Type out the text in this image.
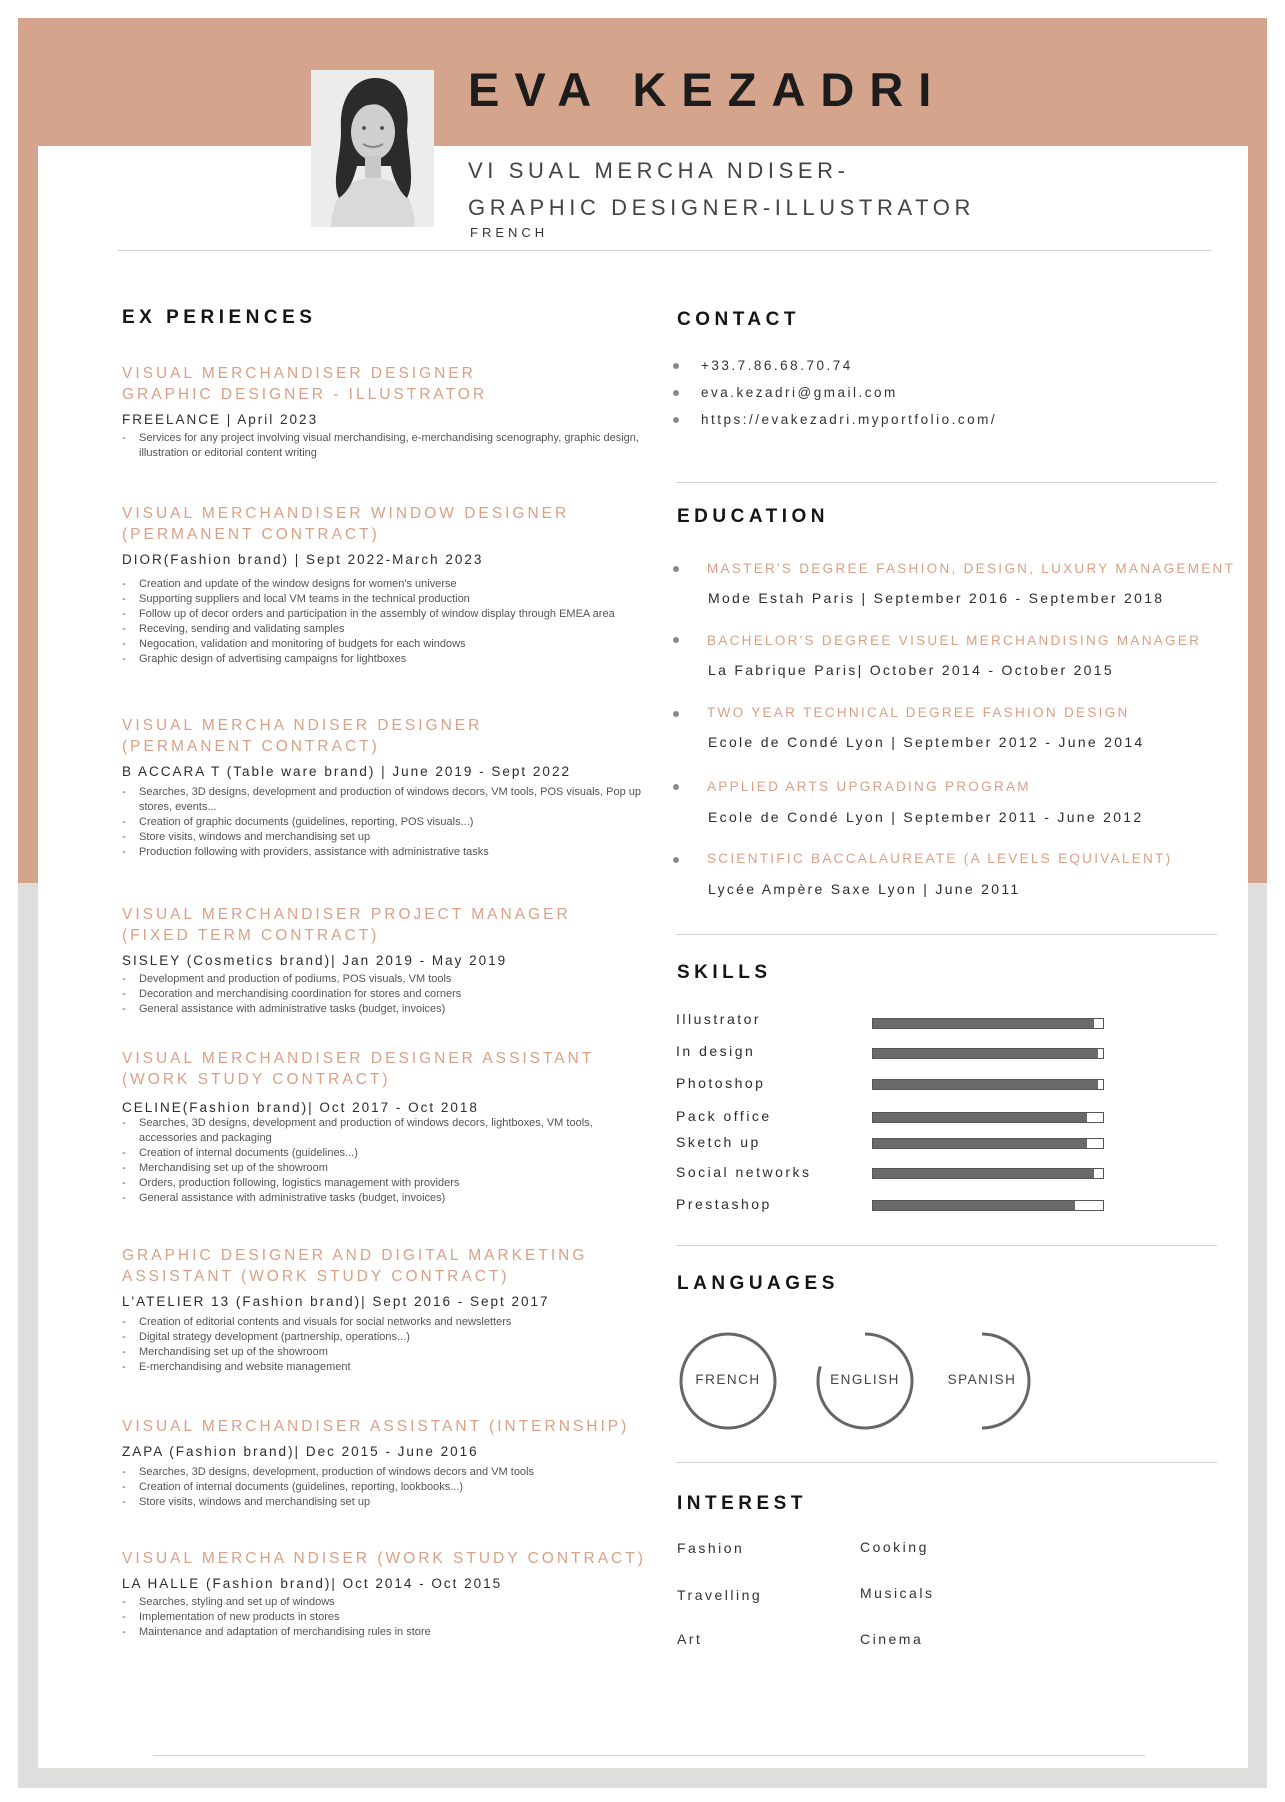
EVA KEZADRI
VI SUAL MERCHA NDISER-
GRAPHIC DESIGNER-ILLUSTRATOR
FRENCH
EX PERIENCES
VISUAL MERCHANDISER DESIGNER
GRAPHIC DESIGNER - ILLUSTRATOR
FREELANCE | April 2023
- Services for any project involving visual merchandising, e-merchandising scenography, graphic design, illustration or editorial content writing
VISUAL MERCHANDISER WINDOW DESIGNER
(PERMANENT CONTRACT)
DIOR(Fashion brand) | Sept 2022-March 2023
- Creation and update of the window designs for women's universe
- Supporting suppliers and local VM teams in the technical production
- Follow up of decor orders and participation in the assembly of window display through EMEA area
- Receving, sending and validating samples
- Negocation, validation and monitoring of budgets for each windows
- Graphic design of advertising campaigns for lightboxes
VISUAL MERCHA NDISER DESIGNER
(PERMANENT CONTRACT)
B ACCARA T (Table ware brand) | June 2019 - Sept 2022
- Searches, 3D designs, development and production of windows decors, VM tools, POS visuals, Pop up stores, events...
- Creation of graphic documents (guidelines, reporting, POS visuals...)
- Store visits, windows and merchandising set up
- Production following with providers, assistance with administrative tasks
VISUAL MERCHANDISER PROJECT MANAGER
(FIXED TERM CONTRACT)
SISLEY (Cosmetics brand)| Jan 2019 - May 2019
- Development and production of podiums, POS visuals, VM tools
- Decoration and merchandising coordination for stores and corners
- General assistance with administrative tasks (budget, invoices)
VISUAL MERCHANDISER DESIGNER ASSISTANT
(WORK STUDY CONTRACT)
CELINE(Fashion brand)| Oct 2017 - Oct 2018
- Searches, 3D designs, development and production of windows decors, lightboxes, VM tools, accessories and packaging
- Creation of internal documents (guidelines...)
- Merchandising set up of the showroom
- Orders, production following, logistics management with providers
- General assistance with administrative tasks (budget, invoices)
GRAPHIC DESIGNER AND DIGITAL MARKETING
ASSISTANT (WORK STUDY CONTRACT)
L'ATELIER 13 (Fashion brand)| Sept 2016 - Sept 2017
- Creation of editorial contents and visuals for social networks and newsletters
- Digital strategy development (partnership, operations...)
- Merchandising set up of the showroom
- E-merchandising and website management
VISUAL MERCHANDISER ASSISTANT (INTERNSHIP)
ZAPA (Fashion brand)| Dec 2015 - June 2016
- Searches, 3D designs, development, production of windows decors and VM tools
- Creation of internal documents (guidelines, reporting, lookbooks...)
- Store visits, windows and merchandising set up
VISUAL MERCHA NDISER (WORK STUDY CONTRACT)
LA HALLE (Fashion brand)| Oct 2014 - Oct 2015
- Searches, styling and set up of windows
- Implementation of new products in stores
- Maintenance and adaptation of merchandising rules in store
CONTACT
+33.7.86.68.70.74
eva.kezadri@gmail.com
https://evakezadri.myportfolio.com/
EDUCATION
MASTER'S DEGREE FASHION, DESIGN, LUXURY MANAGEMENT
Mode Estah Paris | September 2016 - September 2018
BACHELOR'S DEGREE VISUEL MERCHANDISING MANAGER
La Fabrique Paris| October 2014 - October 2015
TWO YEAR TECHNICAL DEGREE FASHION DESIGN
Ecole de Condé Lyon | September 2012 - June 2014
APPLIED ARTS UPGRADING PROGRAM
Ecole de Condé Lyon | September 2011 - June 2012
SCIENTIFIC BACCALAUREATE (A LEVELS EQUIVALENT)
Lycée Ampère Saxe Lyon | June 2011
SKILLS
Illustrator
In design
Photoshop
Pack office
Sketch up
Social networks
Prestashop
LANGUAGES
FRENCH	ENGLISH	SPANISH
INTEREST
Fashion
Travelling
Art
Cooking
Musicals
Cinema
